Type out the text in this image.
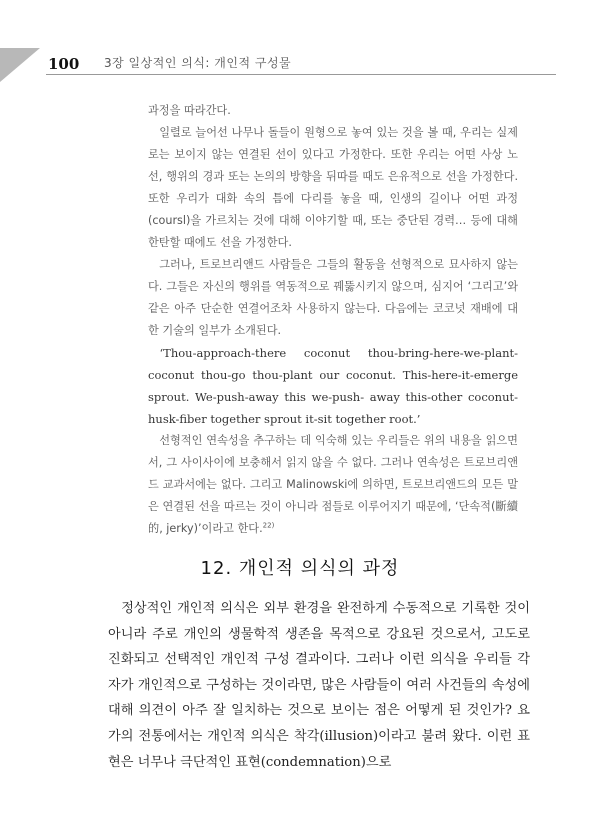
100 3장 일상적인 의식: 개인적 구성물

과정을 따라간다.

일렬로 늘어선 나무나 돌들이 원형으로 놓여 있는 것을 볼 때, 우리는 실제로는 보이지 않는 연결된 선이 있다고 가정한다. 또한 우리는 어떤 사상 노선, 행위의 경과 또는 논의의 방향을 뒤따를 때도 은유적으로 선을 가정한다. 또한 우리가 대화 속의 틈에 다리를 놓을 때, 인생의 길이나 어떤 과정(coursl)을 가르치는 것에 대해 이야기할 때, 또는 중단된 경력… 등에 대해 한탄할 때에도 선을 가정한다.

그러나, 트로브리앤드 사람들은 그들의 활동을 선형적으로 묘사하지 않는다. 그들은 자신의 행위를 역동적으로 꿰뚫시키지 않으며, 심지어 ‘그리고’와 같은 아주 단순한 연결어조차 사용하지 않는다. 다음에는 코코넛 재배에 대한 기술의 일부가 소개된다.

‘Thou-approach-there coconut thou-bring-here-we-plant-coconut thou-go thou-plant our coconut. This-here-it-emerge sprout. We-push-away this we-push- away this-other coconut-husk-fiber together sprout it-sit together root.’

선형적인 연속성을 추구하는 데 익숙해 있는 우리들은 위의 내용을 읽으면서, 그 사이사이에 보충해서 읽지 않을 수 없다. 그러나 연속성은 트로브리앤드 교과서에는 없다. 그리고 Malinowski에 의하면, 트로브리앤드의 모든 말은 연결된 선을 따르는 것이 아니라 점들로 이루어지기 때문에, ‘단속적(斷續的, jerky)’이라고 한다.$^{22)}$

12. 개인적 의식의 과정

정상적인 개인적 의식은 외부 환경을 완전하게 수동적으로 기록한 것이 아니라 주로 개인의 생물학적 생존을 목적으로 강요된 것으로서, 고도로 진화되고 선택적인 개인적 구성 결과이다. 그러나 이런 의식을 우리들 각자가 개인적으로 구성하는 것이라면, 많은 사람들이 여러 사건들의 속성에 대해 의견이 아주 잘 일치하는 것으로 보이는 점은 어떻게 된 것인가? 요가의 전통에서는 개인적 의식은 착각(illusion)이라고 불려 왔다. 이런 표현은 너무나 극단적인 표현(condemnation)으로
